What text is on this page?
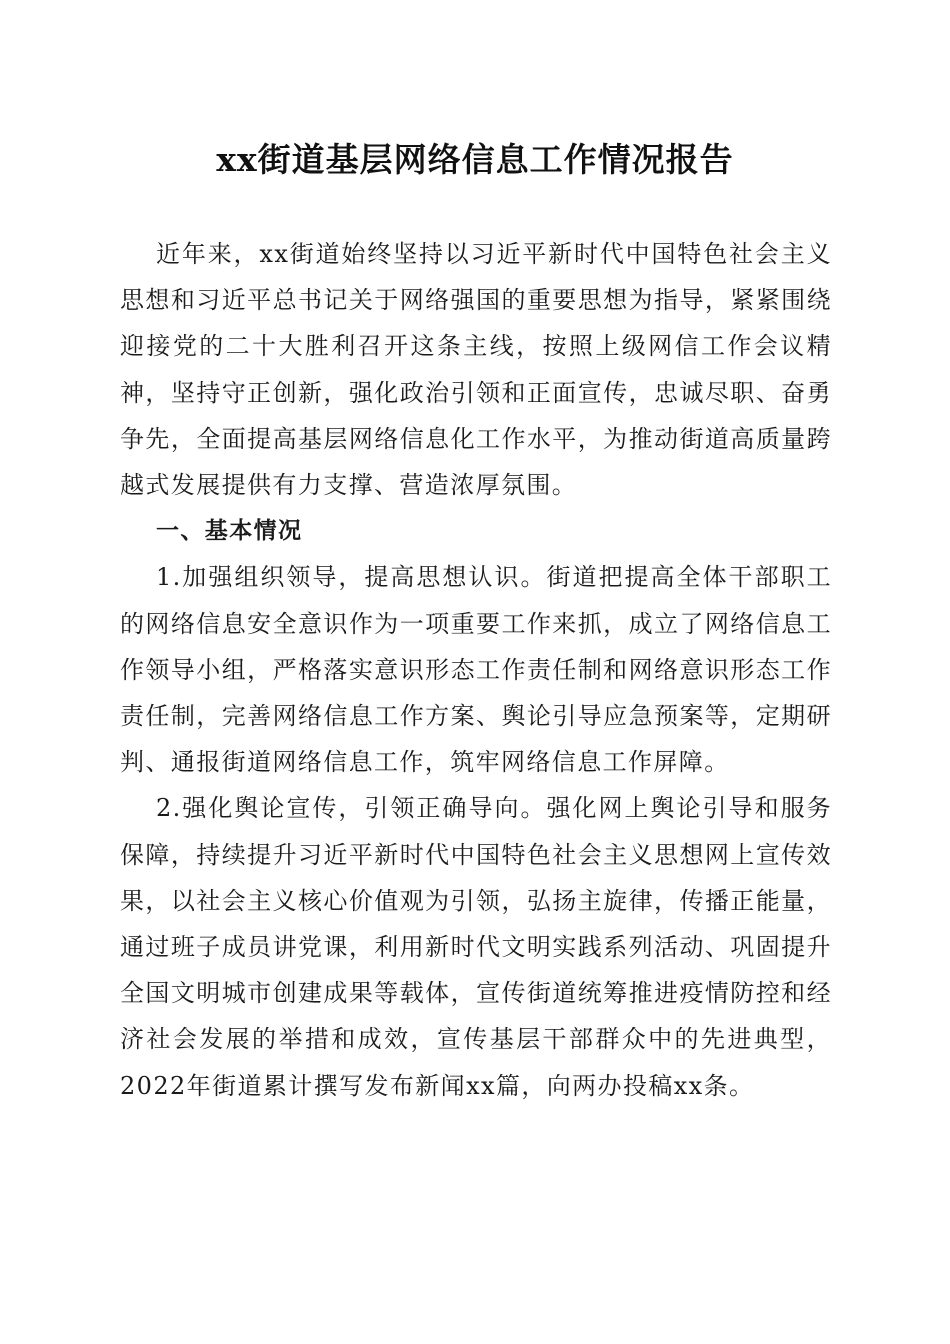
xx街道基层网络信息工作情况报告

近年来，xx街道始终坚持以习近平新时代中国特色社会主义思想和习近平总书记关于网络强国的重要思想为指导，紧紧围绕迎接党的二十大胜利召开这条主线，按照上级网信工作会议精神，坚持守正创新，强化政治引领和正面宣传，忠诚尽职、奋勇争先，全面提高基层网络信息化工作水平，为推动街道高质量跨越式发展提供有力支撑、营造浓厚氛围。

一、基本情况

1.加强组织领导，提高思想认识。街道把提高全体干部职工的网络信息安全意识作为一项重要工作来抓，成立了网络信息工作领导小组，严格落实意识形态工作责任制和网络意识形态工作责任制，完善网络信息工作方案、舆论引导应急预案等，定期研判、通报街道网络信息工作，筑牢网络信息工作屏障。

2.强化舆论宣传，引领正确导向。强化网上舆论引导和服务保障，持续提升习近平新时代中国特色社会主义思想网上宣传效果，以社会主义核心价值观为引领，弘扬主旋律，传播正能量，通过班子成员讲党课，利用新时代文明实践系列活动、巩固提升全国文明城市创建成果等载体，宣传街道统筹推进疫情防控和经济社会发展的举措和成效，宣传基层干部群众中的先进典型，2022年街道累计撰写发布新闻xx篇，向两办投稿xx条。
